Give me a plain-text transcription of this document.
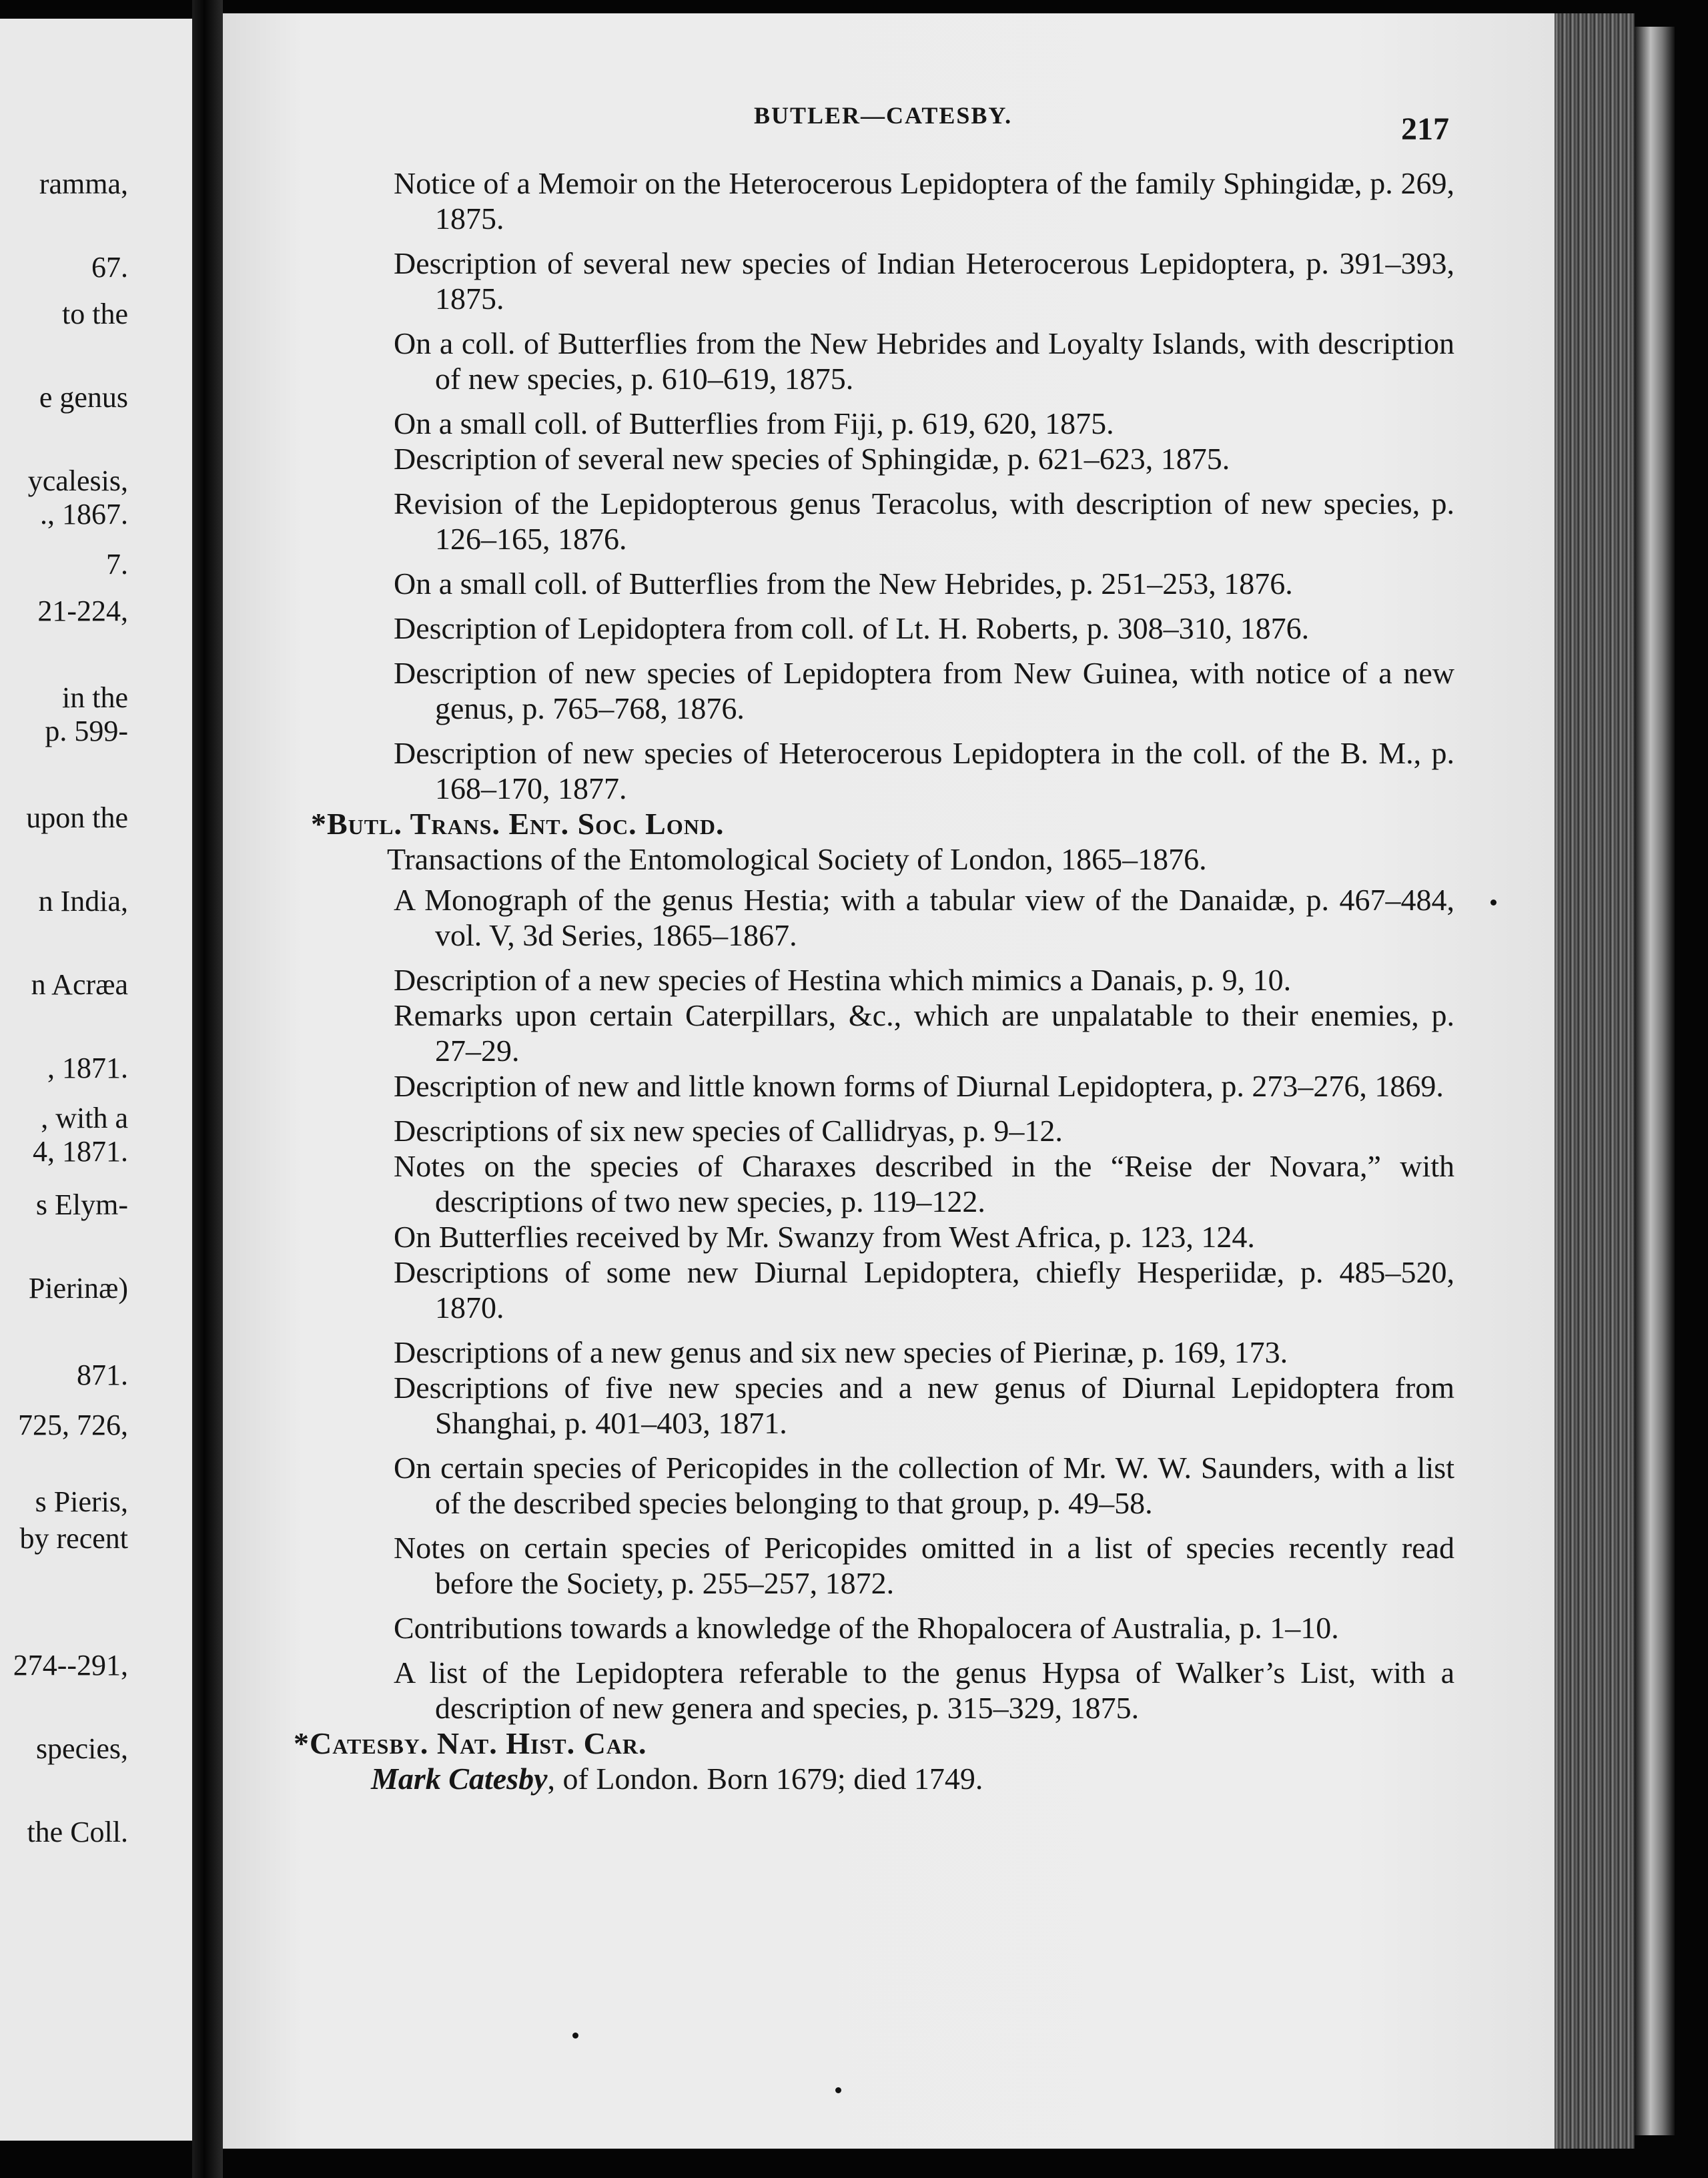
ramma,
67.
to the
e genus
ycalesis,
., 1867.
7.
21-224,
in the
p. 599-
upon the
n India,
n Acræa
, 1871.
, with a
4, 1871.
s Elym-
Pierinæ)
871.
725, 726,
s Pieris,
by recent
274--291,
species,
the Coll.
BUTLER—CATESBY.	217

Notice of a Memoir on the Heterocerous Lepidoptera of the family Sphingidæ, p. 269, 1875.

Description of several new species of Indian Heterocerous Lepidoptera, p. 391–393, 1875.

On a coll. of Butterflies from the New Hebrides and Loyalty Islands, with description of new species, p. 610–619, 1875.

On a small coll. of Butterflies from Fiji, p. 619, 620, 1875.

Description of several new species of Sphingidæ, p. 621–623, 1875.

Revision of the Lepidopterous genus Teracolus, with description of new species, p. 126–165, 1876.

On a small coll. of Butterflies from the New Hebrides, p. 251–253, 1876.

Description of Lepidoptera from coll. of Lt. H. Roberts, p. 308–310, 1876.

Description of new species of Lepidoptera from New Guinea, with notice of a new genus, p. 765–768, 1876.

Description of new species of Heterocerous Lepidoptera in the coll. of the B. M., p. 168–170, 1877.

*Butl. Trans. Ent. Soc. Lond.

Transactions of the Entomological Society of London, 1865–1876.

A Monograph of the genus Hestia; with a tabular view of the Danaidæ, p. 467–484, vol. V, 3d Series, 1865–1867.

Description of a new species of Hestina which mimics a Danais, p. 9, 10.

Remarks upon certain Caterpillars, &c., which are unpalatable to their enemies, p. 27–29.

Description of new and little known forms of Diurnal Lepidoptera, p. 273–276, 1869.

Descriptions of six new species of Callidryas, p. 9–12.

Notes on the species of Charaxes described in the “Reise der Novara,” with descriptions of two new species, p. 119–122.

On Butterflies received by Mr. Swanzy from West Africa, p. 123, 124.

Descriptions of some new Diurnal Lepidoptera, chiefly Hesperiidæ, p. 485–520, 1870.

Descriptions of a new genus and six new species of Pierinæ, p. 169, 173.

Descriptions of five new species and a new genus of Diurnal Lepidoptera from Shanghai, p. 401–403, 1871.

On certain species of Pericopides in the collection of Mr. W. W. Saunders, with a list of the described species belonging to that group, p. 49–58.

Notes on certain species of Pericopides omitted in a list of species recently read before the Society, p. 255–257, 1872.

Contributions towards a knowledge of the Rhopalocera of Australia, p. 1–10.

A list of the Lepidoptera referable to the genus Hypsa of Walker’s List, with a description of new genera and species, p. 315–329, 1875.

*Catesby. Nat. Hist. Car.

Mark Catesby, of London. Born 1679; died 1749.
